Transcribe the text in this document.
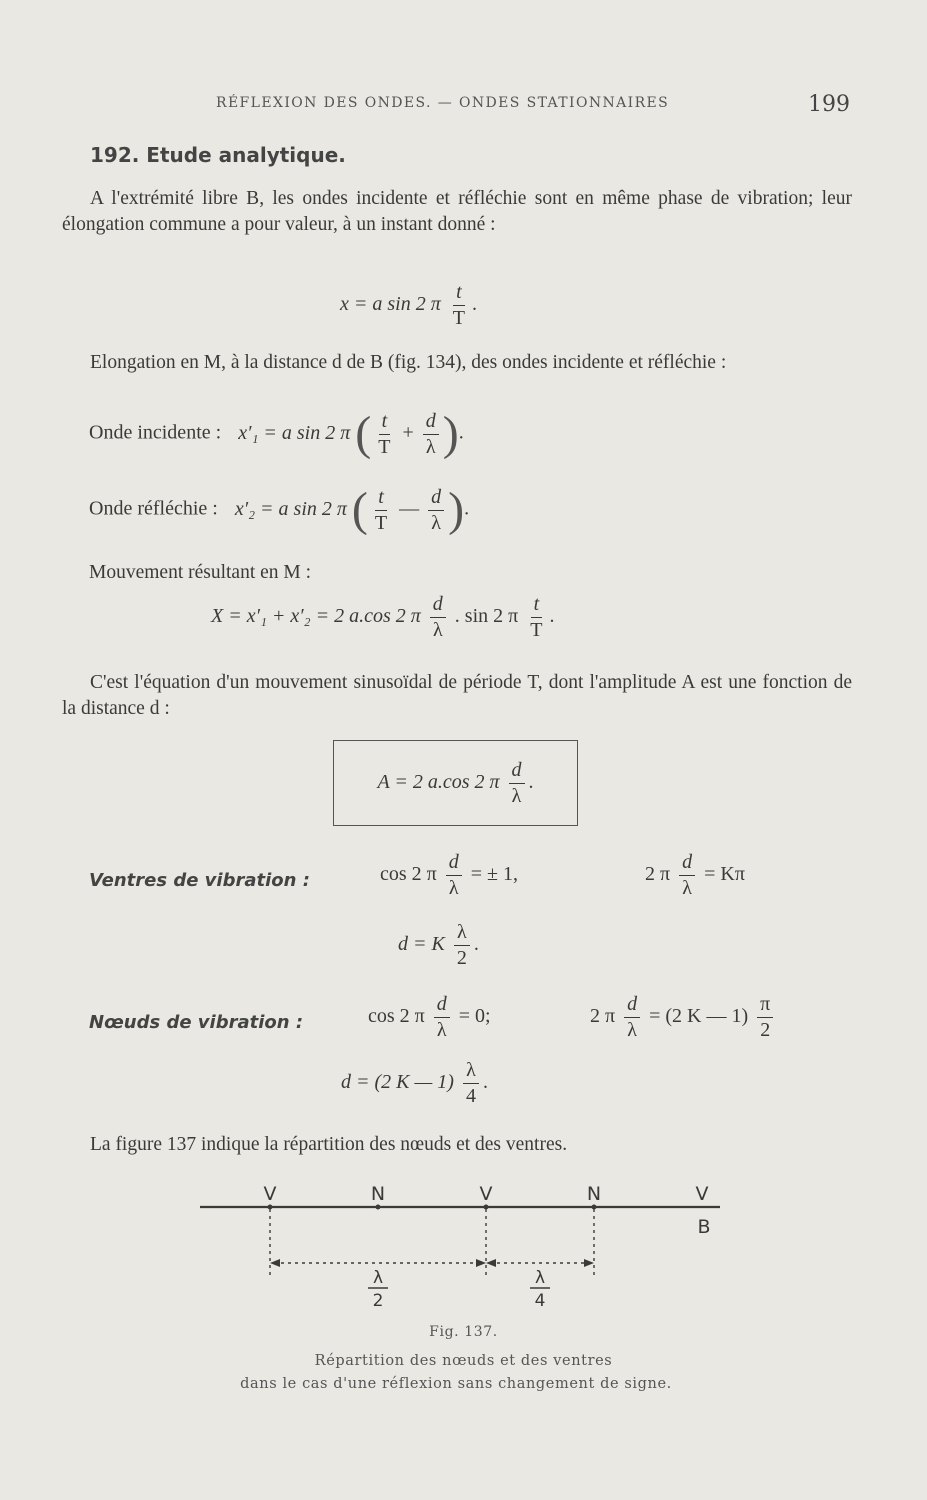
RÉFLEXION DES ONDES. — ONDES STATIONNAIRES	199
192. Etude analytique.
A l'extrémité libre B, les ondes incidente et réfléchie sont en même phase de vibration; leur élongation commune a pour valeur, à un instant donné :
x = a sin 2 π $\frac{t}{T}$ .
Elongation en M, à la distance d de B (fig. 134), des ondes incidente et réfléchie :
Onde incidente : x′₁ = a sin 2 π ( $\frac{t}{T} + \frac{d}{\lambda}$ ).
Onde réfléchie : x′₂ = a sin 2 π ( $\frac{t}{T}$ — $\frac{d}{\lambda}$ ).
Mouvement résultant en M :
X = x′₁ + x′₂ = 2 a.cos 2 π $\frac{d}{\lambda}$ . sin 2 π $\frac{t}{T}$ .
C'est l'équation d'un mouvement sinusoïdal de période T, dont l'amplitude A est une fonction de la distance d :
A = 2 a.cos 2 π $\frac{d}{\lambda}$ .
Ventres de vibration :	cos 2 π $\frac{d}{\lambda}$ = ± 1,	2 π $\frac{d}{\lambda} = K\pi$
d = K $\frac{\lambda}{2}$ .
Nœuds de vibration :	cos 2 π $\frac{d}{\lambda} = 0$;	2 π $\frac{d}{\lambda} = (2$ K — $1) \frac{\pi}{2}$
d = (2 K — $1) \frac{\lambda}{4}$ .
La figure 137 indique la répartition des nœuds et des ventres.
V	N	V	N	V
B
λ
2
λ
4
Fig. 137.
Répartition des nœuds et des ventres
dans le cas d'une réflexion sans changement de signe.
